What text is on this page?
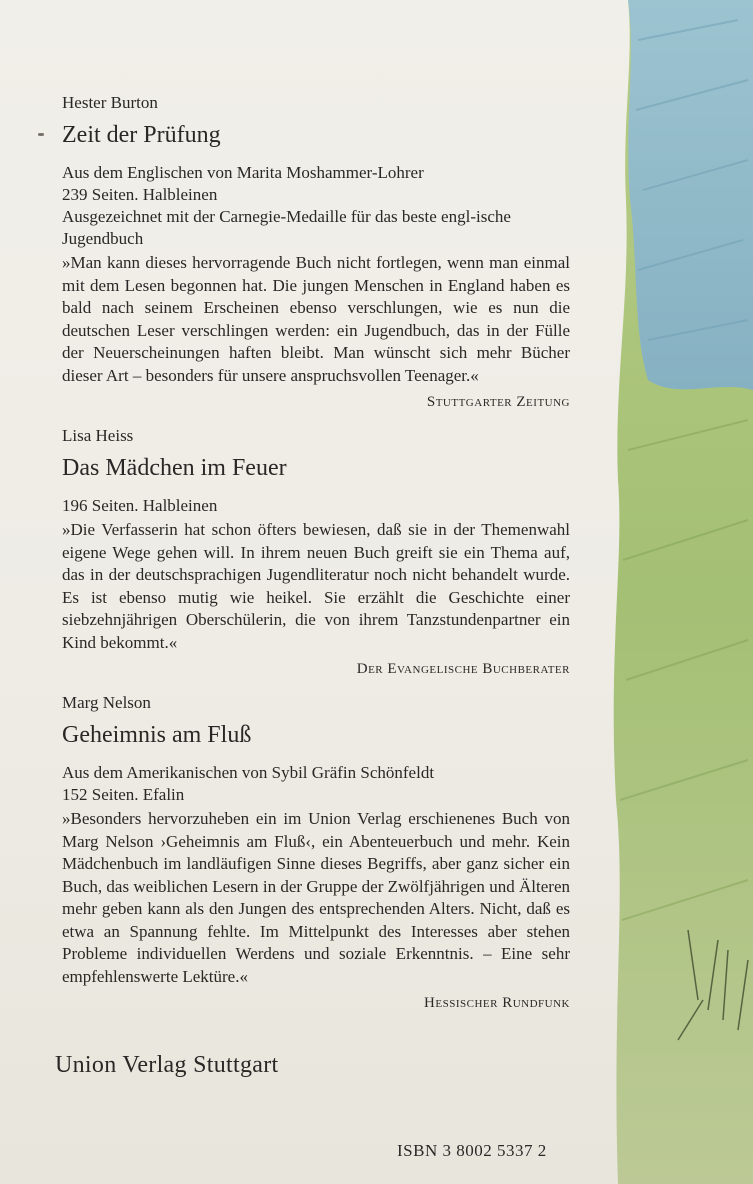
Hester Burton

Zeit der Prüfung

Aus dem Englischen von Marita Moshammer-Lohrer

239 Seiten. Halbleinen

Ausgezeichnet mit der Carnegie-Medaille für das beste engl-ische Jugendbuch

»Man kann dieses hervorragende Buch nicht fortlegen, wenn man einmal mit dem Lesen begonnen hat. Die jungen Menschen in England haben es bald nach seinem Erscheinen ebenso verschlungen, wie es nun die deutschen Leser verschlingen werden: ein Jugendbuch, das in der Fülle der Neuerscheinungen haften bleibt. Man wünscht sich mehr Bücher dieser Art – besonders für unsere anspruchsvollen Teenager.«

Stuttgarter Zeitung

Lisa Heiss

Das Mädchen im Feuer

196 Seiten. Halbleinen

»Die Verfasserin hat schon öfters bewiesen, daß sie in der Themenwahl eigene Wege gehen will. In ihrem neuen Buch greift sie ein Thema auf, das in der deutschsprachigen Jugendliteratur noch nicht behandelt wurde. Es ist ebenso mutig wie heikel. Sie erzählt die Geschichte einer siebzehnjährigen Oberschülerin, die von ihrem Tanzstundenpartner ein Kind bekommt.«

Der Evangelische Buchberater

Marg Nelson

Geheimnis am Fluß

Aus dem Amerikanischen von Sybil Gräfin Schönfeldt

152 Seiten. Efalin

»Besonders hervorzuheben ein im Union Verlag erschienenes Buch von Marg Nelson ›Geheimnis am Fluß‹, ein Abenteuerbuch und mehr. Kein Mädchenbuch im landläufigen Sinne dieses Begriffs, aber ganz sicher ein Buch, das weiblichen Lesern in der Gruppe der Zwölfjährigen und Älteren mehr geben kann als den Jungen des entsprechenden Alters. Nicht, daß es etwa an Spannung fehlte. Im Mittelpunkt des Interesses aber stehen Probleme individuellen Werdens und soziale Erkenntnis. – Eine sehr empfehlenswerte Lektüre.«

Hessischer Rundfunk

Union Verlag Stuttgart
ISBN 3 8002 5337 2
